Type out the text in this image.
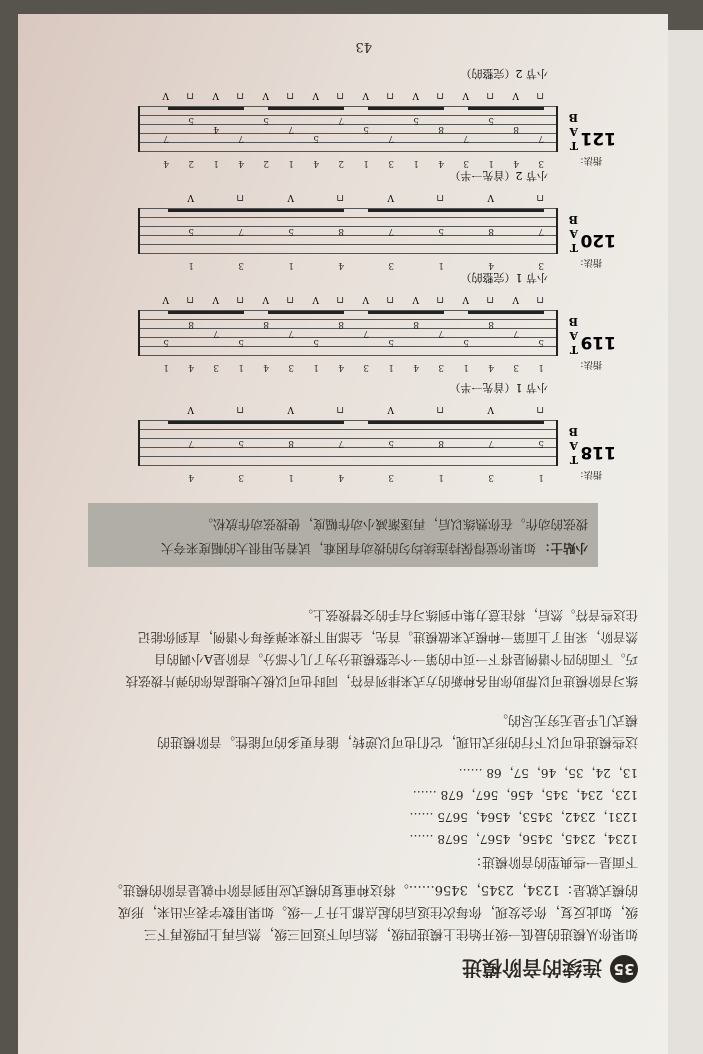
43
35
连续的音阶模进
如果你从模进的最低一级开始往上模进四级，然后向下返回三级，然后再上四级再下三
级，如此反复，你会发现，你每次往返后的起点都上升了一级。如果用数字表示出来，形成
的模式就是：1234，2345，3456……。将这种重复的模式应用到音阶中就是音阶的模进。
下面是一些典型的音阶模进：
1234，2345，3456，4567，5678 ……
1231，2342，3453，4564，5675 ……
123，234，345，456，567，678 ……
13，24，35，46，57，68 ……
这些模进也可以下行的形式出现，它们也可以逆转，能有更多的可能性。音阶模进的
模式几乎是无穷无尽的。
练习音阶模进可以帮助你用各种新的方式来排列音符，同时也可以极大地提高你的弹片拨弦技
巧。下面的四个谱例是将下一页中的第一个完整模进分为了几个部分。音阶是A小调的自
然音阶，采用了上面第一种模式来做模进。首先，全部用下拨来弹奏每个谱例，直到你能记
住这些音符。然后，将注意力集中到练习右手的交替拨弦上。
小贴士：
如果你觉得保持连续均匀的拨动有困难，试着先用很大的幅度来夸大
拨弦的动作。在你熟练以后，再逐渐减小动作幅度，使拨弦动作放松。
118
T
A
B
指法：
5
1
⊓
7
3
V
8
1
⊓
5
3
V
7
4
⊓
8
1
V
5
3
⊓
7
4
V
小节 1（首先一半）
119
T
A
B
指法：
5
1
⊓
7
3
V
8
4
⊓
5
1
V
7
3
⊓
8
4
V
5
1
⊓
7
3
V
8
4
⊓
5
1
V
7
3
⊓
8
4
V
5
1
⊓
7
3
V
8
4
⊓
5
1
V
小节 1（完整的）
120
T
A
B
指法：
7
3
⊓
8
4
V
5
1
⊓
7
3
V
8
4
⊓
5
1
V
7
3
⊓
5
1
V
小节 2（首先一半）
121
T
A
B
指法：
7
3
⊓
8
4
V
5
1
⊓
7
3
V
8
4
⊓
5
1
V
7
3
⊓
5
1
V
7
2
⊓
5
4
V
7
1
⊓
5
2
V
7
4
⊓
4
1
V
5
2
⊓
7
4
V
小节 2（完整的）
